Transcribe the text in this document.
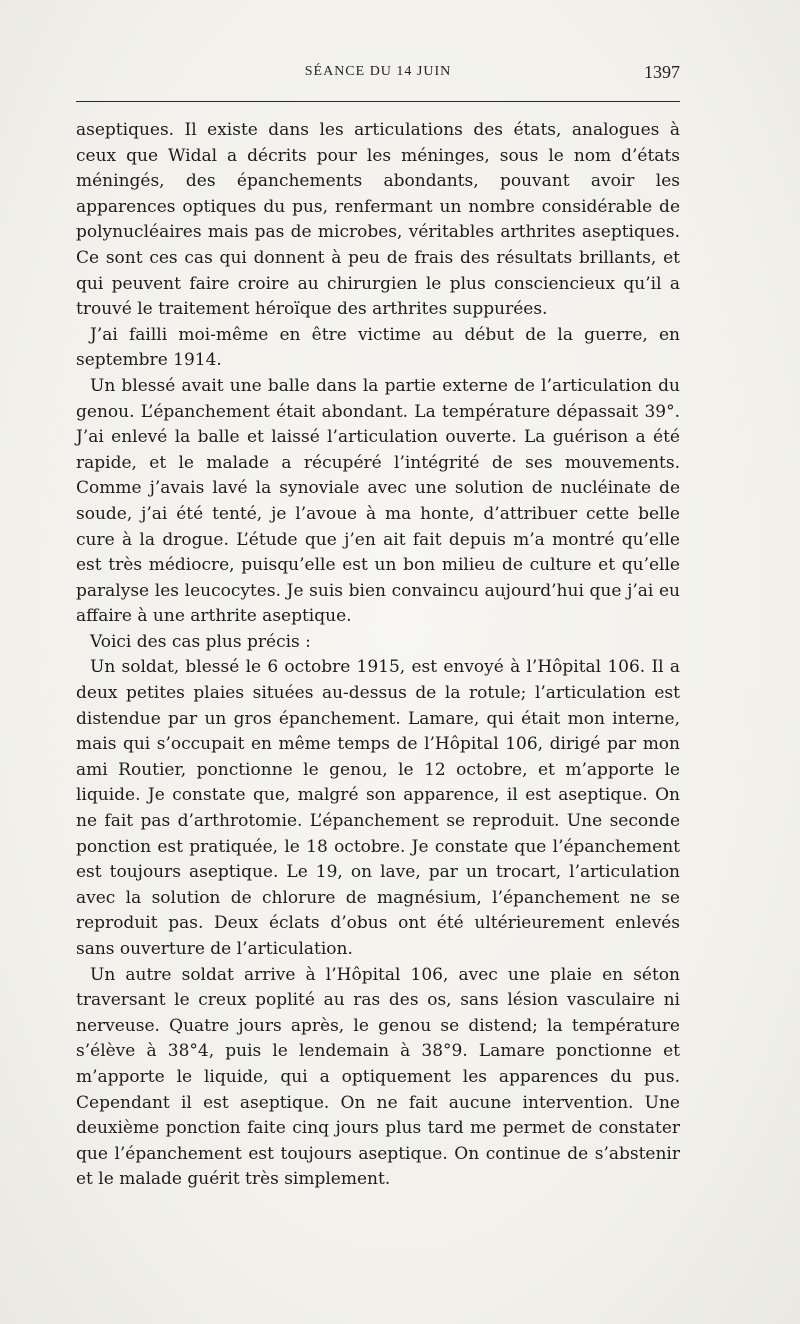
SÉANCE DU 14 JUIN	1397

aseptiques. Il existe dans les articulations des états, analogues à ceux que Widal a décrits pour les méninges, sous le nom d’états méningés, des épanchements abondants, pouvant avoir les apparences optiques du pus, renfermant un nombre considérable de polynucléaires mais pas de microbes, véritables arthrites aseptiques. Ce sont ces cas qui donnent à peu de frais des résultats brillants, et qui peuvent faire croire au chirurgien le plus consciencieux qu’il a trouvé le traitement héroïque des arthrites suppurées.

J’ai failli moi-même en être victime au début de la guerre, en septembre 1914.

Un blessé avait une balle dans la partie externe de l’articulation du genou. L’épanchement était abondant. La température dépassait 39°. J’ai enlevé la balle et laissé l’articulation ouverte. La guérison a été rapide, et le malade a récupéré l’intégrité de ses mouvements. Comme j’avais lavé la synoviale avec une solution de nucléinate de soude, j’ai été tenté, je l’avoue à ma honte, d’attribuer cette belle cure à la drogue. L’étude que j’en ait fait depuis m’a montré qu’elle est très médiocre, puisqu’elle est un bon milieu de culture et qu’elle paralyse les leucocytes. Je suis bien convaincu aujourd’hui que j’ai eu affaire à une arthrite aseptique.

Voici des cas plus précis :

Un soldat, blessé le 6 octobre 1915, est envoyé à l’Hôpital 106. Il a deux petites plaies situées au-dessus de la rotule; l’articulation est distendue par un gros épanchement. Lamare, qui était mon interne, mais qui s’occupait en même temps de l’Hôpital 106, dirigé par mon ami Routier, ponctionne le genou, le 12 octobre, et m’apporte le liquide. Je constate que, malgré son apparence, il est aseptique. On ne fait pas d’arthrotomie. L’épanchement se reproduit. Une seconde ponction est pratiquée, le 18 octobre. Je constate que l’épanchement est toujours aseptique. Le 19, on lave, par un trocart, l’articulation avec la solution de chlorure de magnésium, l’épanchement ne se reproduit pas. Deux éclats d’obus ont été ultérieurement enlevés sans ouverture de l’articulation.

Un autre soldat arrive à l’Hôpital 106, avec une plaie en séton traversant le creux poplité au ras des os, sans lésion vasculaire ni nerveuse. Quatre jours après, le genou se distend; la température s’élève à 38°4, puis le lendemain à 38°9. Lamare ponctionne et m’apporte le liquide, qui a optiquement les apparences du pus. Cependant il est aseptique. On ne fait aucune intervention. Une deuxième ponction faite cinq jours plus tard me permet de constater que l’épanchement est toujours aseptique. On continue de s’abstenir et le malade guérit très simplement.
